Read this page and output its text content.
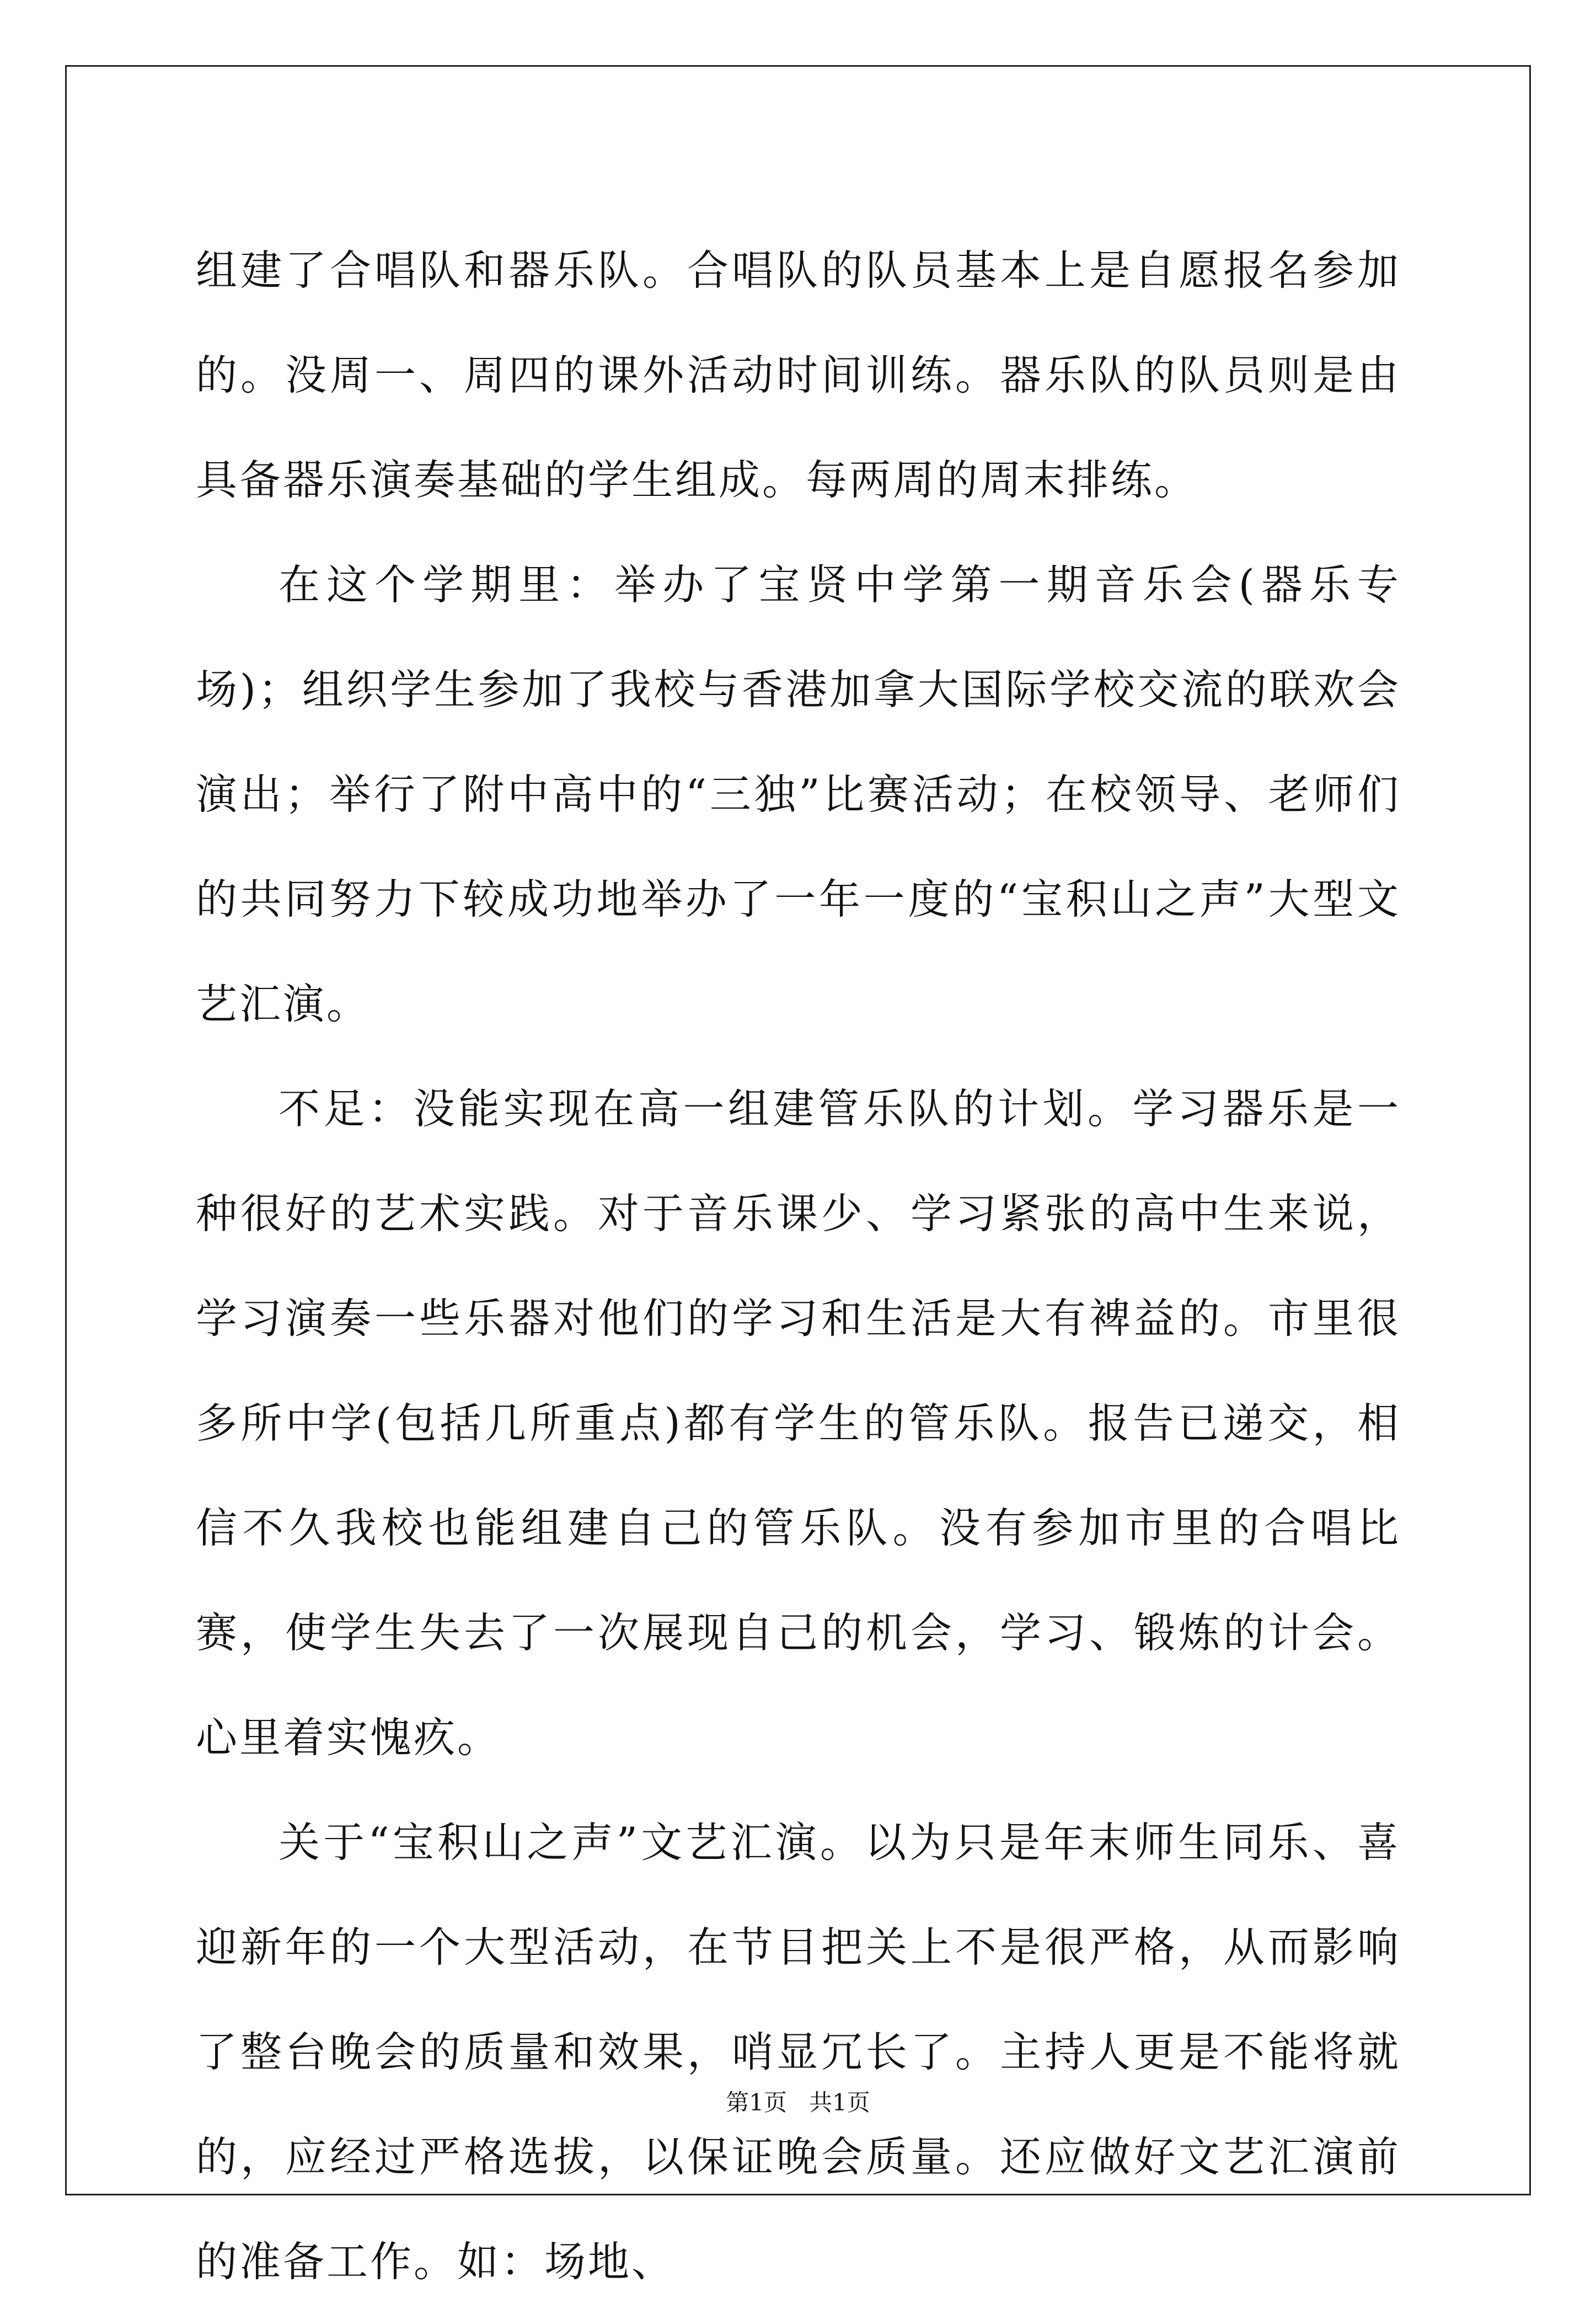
组建了合唱队和器乐队。合唱队的队员基本上是自愿报名参加的。没周一、周四的课外活动时间训练。器乐队的队员则是由具备器乐演奏基础的学生组成。每两周的周末排练。

在这个学期里：举办了宝贤中学第一期音乐会(器乐专场)；组织学生参加了我校与香港加拿大国际学校交流的联欢会演出；举行了附中高中的“三独”比赛活动；在校领导、老师们的共同努力下较成功地举办了一年一度的“宝积山之声”大型文艺汇演。

不足：没能实现在高一组建管乐队的计划。学习器乐是一种很好的艺术实践。对于音乐课少、学习紧张的高中生来说，学习演奏一些乐器对他们的学习和生活是大有裨益的。市里很多所中学(包括几所重点)都有学生的管乐队。报告已递交，相信不久我校也能组建自己的管乐队。没有参加市里的合唱比赛，使学生失去了一次展现自己的机会，学习、锻炼的计会。心里着实愧疚。

关于“宝积山之声”文艺汇演。以为只是年末师生同乐、喜迎新年的一个大型活动，在节目把关上不是很严格，从而影响了整台晚会的质量和效果，哨显冗长了。主持人更是不能将就的，应经过严格选拔，以保证晚会质量。还应做好文艺汇演前的准备工作。如：场地、

第1页   共1页
